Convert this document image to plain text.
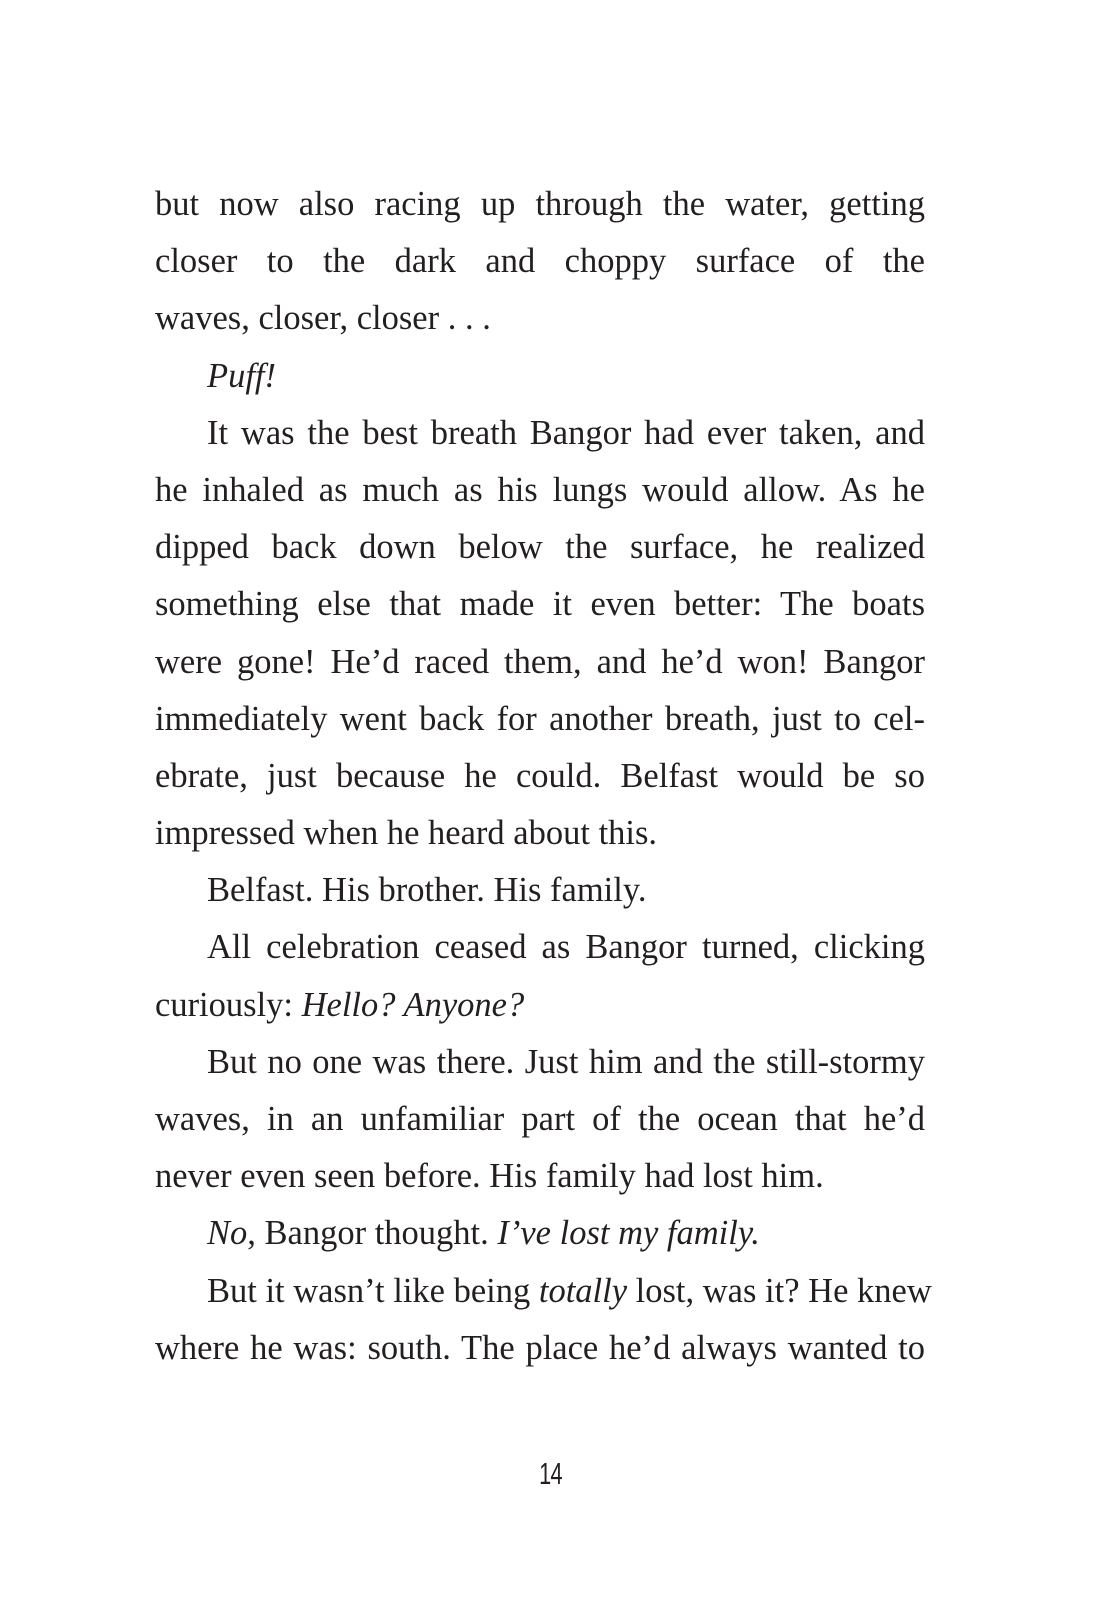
but now also racing up through the water, getting
closer to the dark and choppy surface of the
waves, closer, closer . . .
Puff!
It was the best breath Bangor had ever taken, and
he inhaled as much as his lungs would allow. As he
dipped back down below the surface, he realized
something else that made it even better: The boats
were gone! He’d raced them, and he’d won! Bangor
immediately went back for another breath, just to cel-
ebrate, just because he could. Belfast would be so
impressed when he heard about this.
Belfast. His brother. His family.
All celebration ceased as Bangor turned, clicking
curiously: Hello? Anyone?
But no one was there. Just him and the still-stormy
waves, in an unfamiliar part of the ocean that he’d
never even seen before. His family had lost him.
No, Bangor thought. I’ve lost my family.
But it wasn’t like being totally lost, was it? He knew
where he was: south. The place he’d always wanted to
14
